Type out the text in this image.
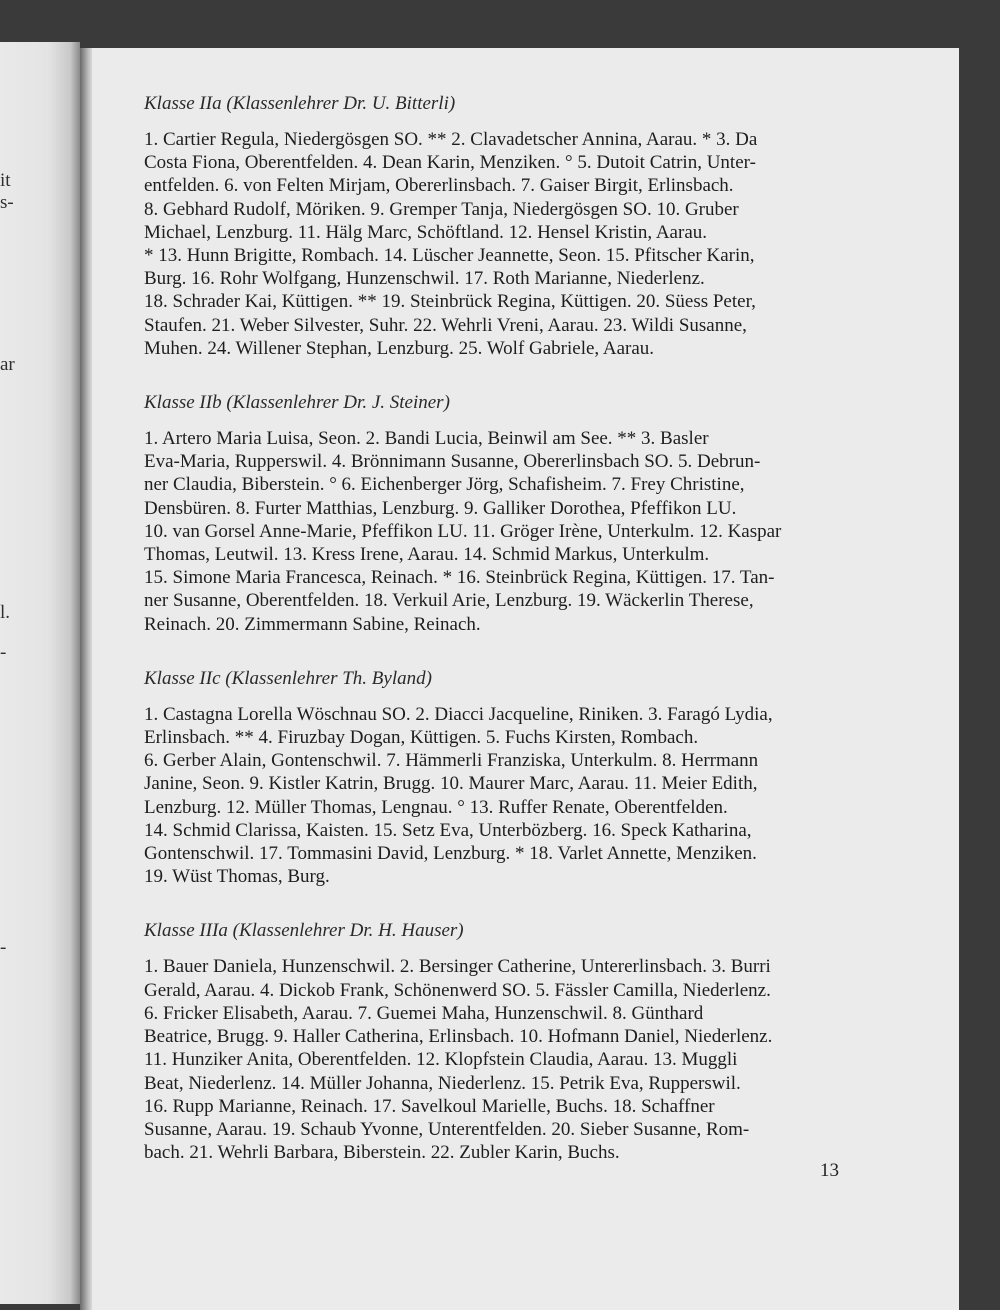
it
s-
ar
l.
-
-
Klasse IIa (Klassenlehrer Dr. U. Bitterli)
1. Cartier Regula, Niedergösgen SO. ** 2. Clavadetscher Annina, Aarau. * 3. Da
Costa Fiona, Oberentfelden. 4. Dean Karin, Menziken. ° 5. Dutoit Catrin, Unter-
entfelden. 6. von Felten Mirjam, Obererlinsbach. 7. Gaiser Birgit, Erlinsbach.
8. Gebhard Rudolf, Möriken. 9. Gremper Tanja, Niedergösgen SO. 10. Gruber
Michael, Lenzburg. 11. Hälg Marc, Schöftland. 12. Hensel Kristin, Aarau.
* 13. Hunn Brigitte, Rombach. 14. Lüscher Jeannette, Seon. 15. Pfitscher Karin,
Burg. 16. Rohr Wolfgang, Hunzenschwil. 17. Roth Marianne, Niederlenz.
18. Schrader Kai, Küttigen. ** 19. Steinbrück Regina, Küttigen. 20. Süess Peter,
Staufen. 21. Weber Silvester, Suhr. 22. Wehrli Vreni, Aarau. 23. Wildi Susanne,
Muhen. 24. Willener Stephan, Lenzburg. 25. Wolf Gabriele, Aarau.
Klasse IIb (Klassenlehrer Dr. J. Steiner)
1. Artero Maria Luisa, Seon. 2. Bandi Lucia, Beinwil am See. ** 3. Basler
Eva-Maria, Rupperswil. 4. Brönnimann Susanne, Obererlinsbach SO. 5. Debrun-
ner Claudia, Biberstein. ° 6. Eichenberger Jörg, Schafisheim. 7. Frey Christine,
Densbüren. 8. Furter Matthias, Lenzburg. 9. Galliker Dorothea, Pfeffikon LU.
10. van Gorsel Anne-Marie, Pfeffikon LU. 11. Gröger Irène, Unterkulm. 12. Kaspar
Thomas, Leutwil. 13. Kress Irene, Aarau. 14. Schmid Markus, Unterkulm.
15. Simone Maria Francesca, Reinach. * 16. Steinbrück Regina, Küttigen. 17. Tan-
ner Susanne, Oberentfelden. 18. Verkuil Arie, Lenzburg. 19. Wäckerlin Therese,
Reinach. 20. Zimmermann Sabine, Reinach.
Klasse IIc (Klassenlehrer Th. Byland)
1. Castagna Lorella Wöschnau SO. 2. Diacci Jacqueline, Riniken. 3. Faragó Lydia,
Erlinsbach. ** 4. Firuzbay Dogan, Küttigen. 5. Fuchs Kirsten, Rombach.
6. Gerber Alain, Gontenschwil. 7. Hämmerli Franziska, Unterkulm. 8. Herrmann
Janine, Seon. 9. Kistler Katrin, Brugg. 10. Maurer Marc, Aarau. 11. Meier Edith,
Lenzburg. 12. Müller Thomas, Lengnau. ° 13. Ruffer Renate, Oberentfelden.
14. Schmid Clarissa, Kaisten. 15. Setz Eva, Unterbözberg. 16. Speck Katharina,
Gontenschwil. 17. Tommasini David, Lenzburg. * 18. Varlet Annette, Menziken.
19. Wüst Thomas, Burg.
Klasse IIIa (Klassenlehrer Dr. H. Hauser)
1. Bauer Daniela, Hunzenschwil. 2. Bersinger Catherine, Untererlinsbach. 3. Burri
Gerald, Aarau. 4. Dickob Frank, Schönenwerd SO. 5. Fässler Camilla, Niederlenz.
6. Fricker Elisabeth, Aarau. 7. Guemei Maha, Hunzenschwil. 8. Günthard
Beatrice, Brugg. 9. Haller Catherina, Erlinsbach. 10. Hofmann Daniel, Niederlenz.
11. Hunziker Anita, Oberentfelden. 12. Klopfstein Claudia, Aarau. 13. Muggli
Beat, Niederlenz. 14. Müller Johanna, Niederlenz. 15. Petrik Eva, Rupperswil.
16. Rupp Marianne, Reinach. 17. Savelkoul Marielle, Buchs. 18. Schaffner
Susanne, Aarau. 19. Schaub Yvonne, Unterentfelden. 20. Sieber Susanne, Rom-
bach. 21. Wehrli Barbara, Biberstein. 22. Zubler Karin, Buchs.
13
